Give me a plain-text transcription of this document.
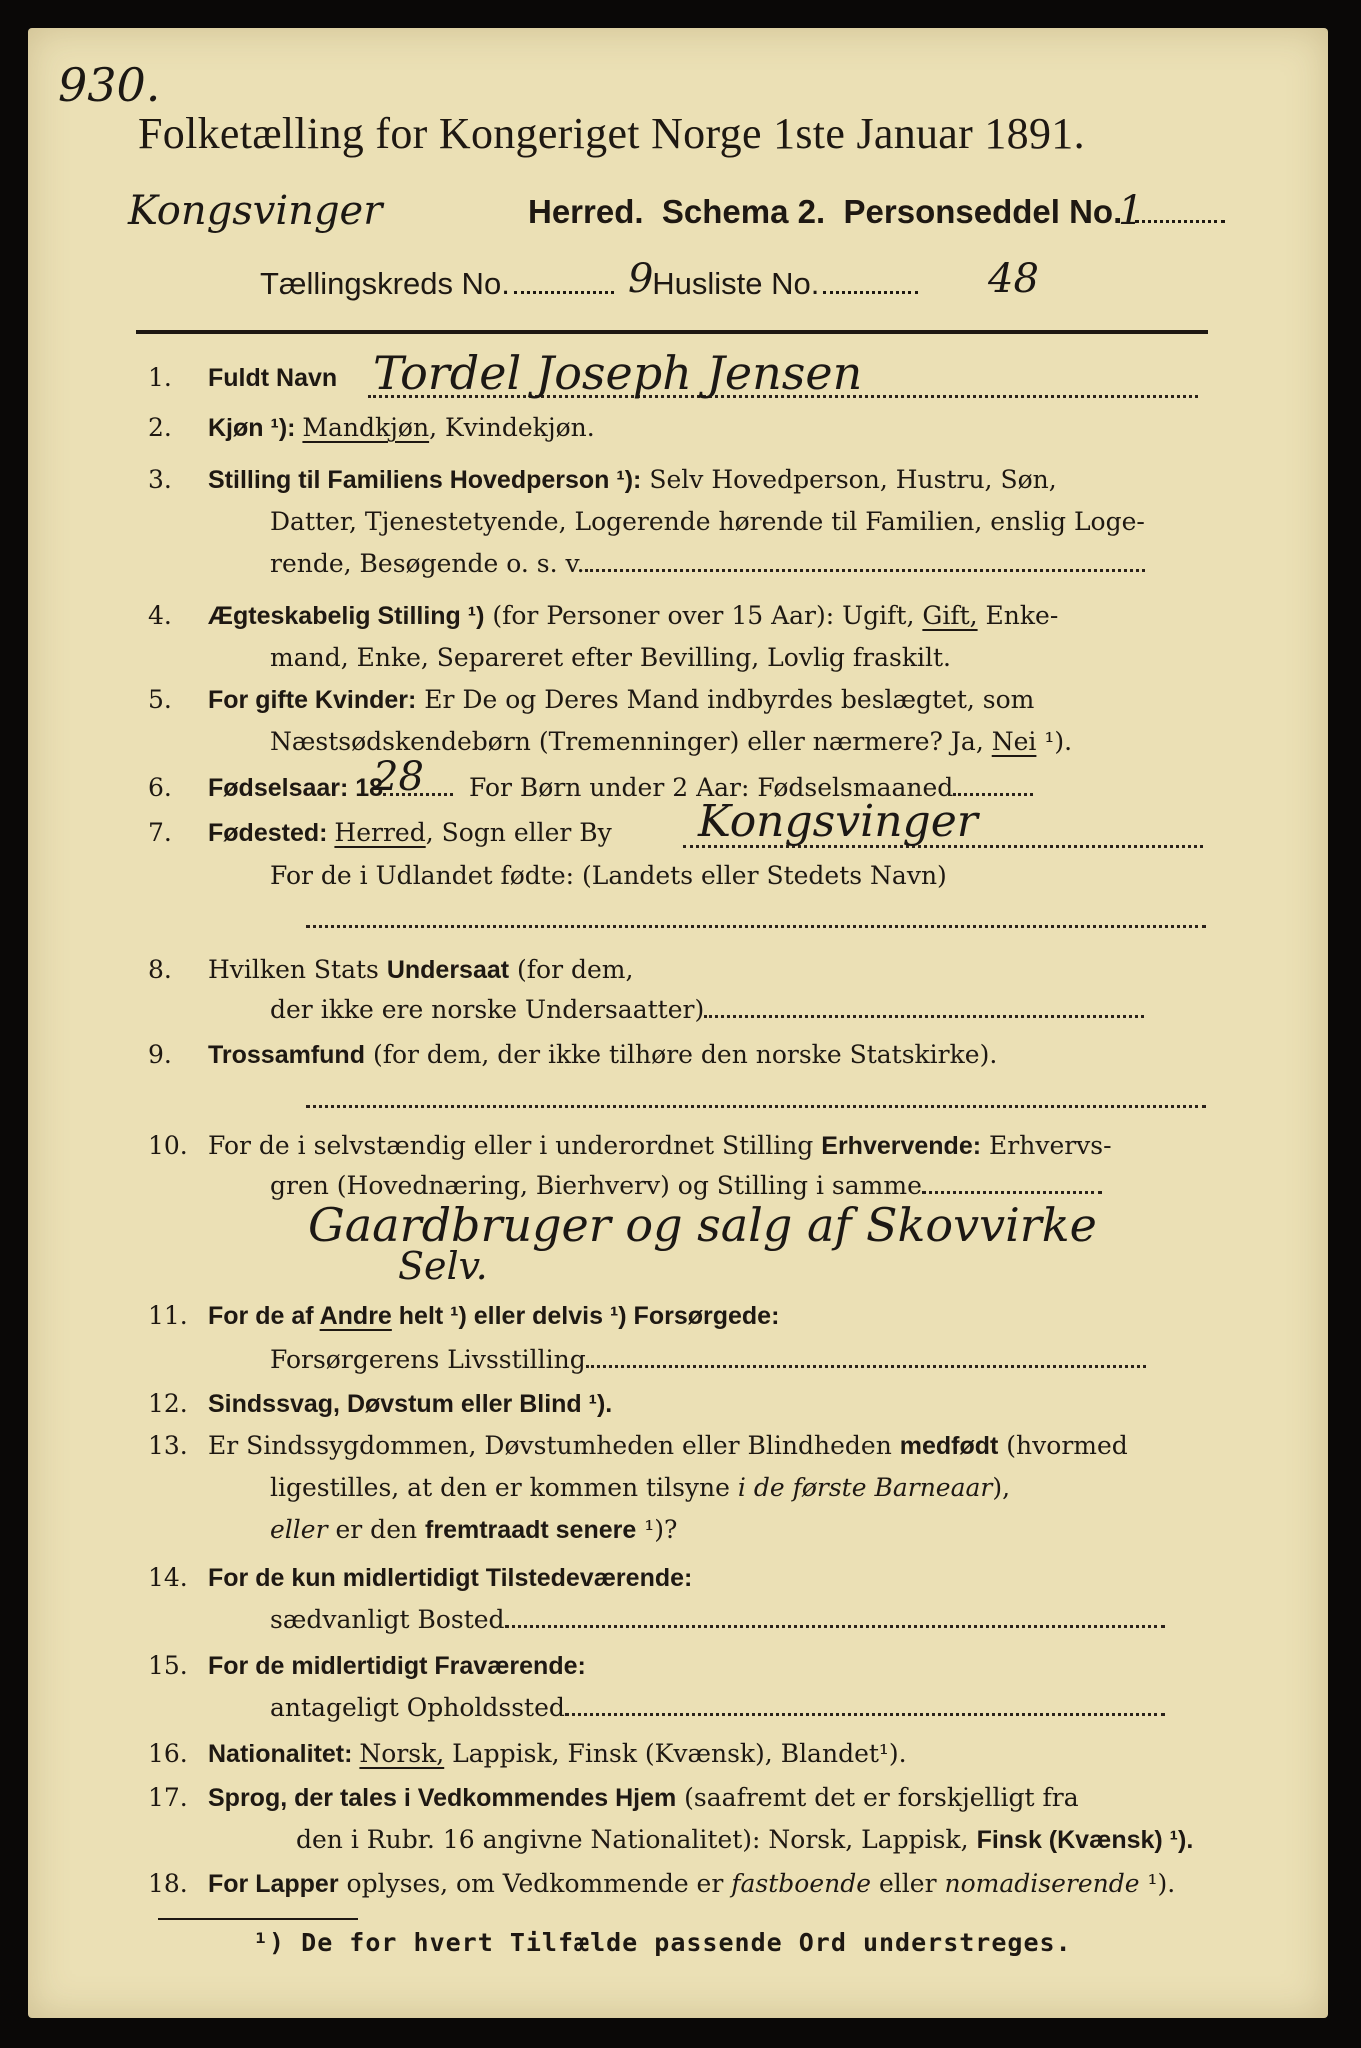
930.
Folketælling for Kongeriget Norge 1ste Januar 1891.
Kongsvinger	Herred. Schema 2. Personseddel No.
1
Tællingskreds No.	Husliste No.
9	48
1. Fuldt Navn Tordel Joseph Jensen
2. Kjøn ¹): Mandkjøn, Kvindekjøn.
3. Stilling til Familiens Hovedperson ¹): Selv Hovedperson, Hustru, Søn,
Datter, Tjenestetyende, Logerende hørende til Familien, enslig Loge-
rende, Besøgende o. s. v.
4. Ægteskabelig Stilling ¹) (for Personer over 15 Aar): Ugift, Gift, Enke-
mand, Enke, Separeret efter Bevilling, Lovlig fraskilt.
5. For gifte Kvinder: Er De og Deres Mand indbyrdes beslægtet, som
Næstsødskendebørn (Tremenninger) eller nærmere? Ja, Nei ¹).
6. Fødselsaar: 18	For Børn under 2 Aar: Fødselsmaaned
28
7. Fødested: Herred, Sogn eller By Kongsvinger
For de i Udlandet fødte: (Landets eller Stedets Navn)
8. Hvilken Stats Undersaat (for dem,
der ikke ere norske Undersaatter)
9. Trossamfund (for dem, der ikke tilhøre den norske Statskirke).
10. For de i selvstændig eller i underordnet Stilling Erhvervende: Erhvervs-
gren (Hovednæring, Bierhverv) og Stilling i samme
Gaardbruger og salg af Skovvirke
Selv.
11. For de af Andre helt ¹) eller delvis ¹) Forsørgede:
Forsørgerens Livsstilling
12. Sindssvag, Døvstum eller Blind ¹).
13. Er Sindssygdommen, Døvstumheden eller Blindheden medfødt (hvormed
ligestilles, at den er kommen tilsyne i de første Barneaar),
eller er den fremtraadt senere ¹)?
14. For de kun midlertidigt Tilstedeværende:
sædvanligt Bosted
15. For de midlertidigt Fraværende:
antageligt Opholdssted
16. Nationalitet: Norsk, Lappisk, Finsk (Kvænsk), Blandet¹).
17. Sprog, der tales i Vedkommendes Hjem (saafremt det er forskjelligt fra
den i Rubr. 16 angivne Nationalitet): Norsk, Lappisk, Finsk (Kvænsk) ¹).
18. For Lapper oplyses, om Vedkommende er fastboende eller nomadiserende ¹).
¹) De for hvert Tilfælde passende Ord understreges.
